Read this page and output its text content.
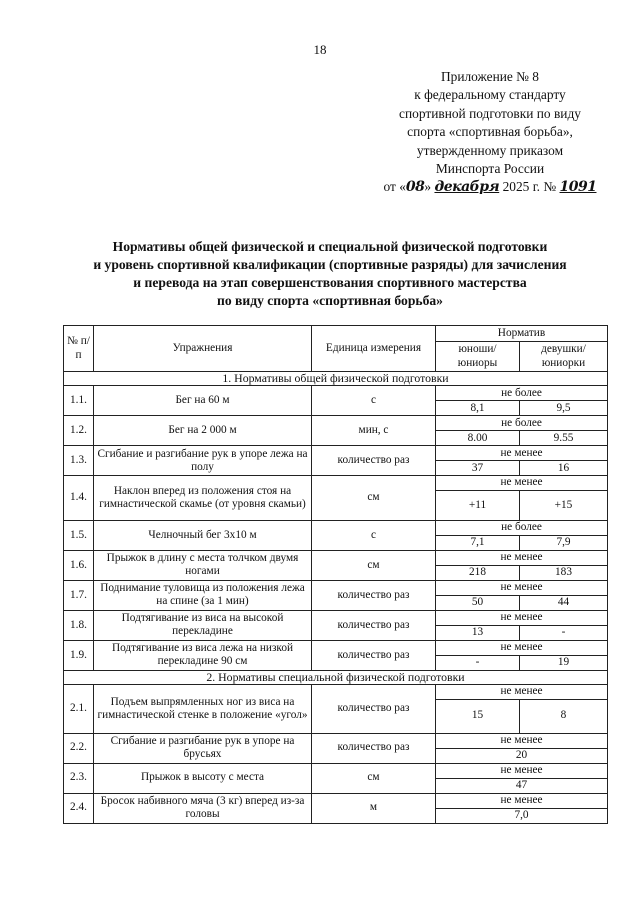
18
Приложение № 8
к федеральному стандарту
спортивной подготовки по виду
спорта «спортивная борьба»,
утвержденному приказом
Минспорта России
от «08» декабря 2025 г. № 1091
Нормативы общей физической и специальной физической подготовки
и уровень спортивной квалификации (спортивные разряды) для зачисления
и перевода на этап совершенствования спортивного мастерства
по виду спорта «спортивная борьба»
№ п/п	Упражнения	Единица измерения	Норматив	
			юноши/ юниоры	девушки/ юниорки
1. Нормативы общей физической подготовки				
1.1.	Бег на 60 м	с	не более	
			8,1	9,5
1.2.	Бег на 2 000 м	мин, с	не более	
			8.00	9.55
1.3.	Сгибание и разгибание рук в упоре лежа на полу	количество раз	не менее	
			37	16
1.4.	Наклон вперед из положения стоя на гимнастической скамье (от уровня скамьи)	см	не менее	
			+11	+15
1.5.	Челночный бег 3х10 м	с	не более	
			7,1	7,9
1.6.	Прыжок в длину с места толчком двумя ногами	см	не менее	
			218	183
1.7.	Поднимание туловища из положения лежа на спине (за 1 мин)	количество раз	не менее	
			50	44
1.8.	Подтягивание из виса на высокой перекладине	количество раз	не менее	
			13	-
1.9.	Подтягивание из виса лежа на низкой перекладине 90 см	количество раз	не менее	
			-	19
2. Нормативы специальной физической подготовки				
2.1.	Подъем выпрямленных ног из виса на гимнастической стенке в положение «угол»	количество раз	не менее	
			15	8
2.2.	Сгибание и разгибание рук в упоре на брусьях	количество раз	не менее	
			20	
2.3.	Прыжок в высоту с места	см	не менее	
			47	
2.4.	Бросок набивного мяча (3 кг) вперед из-за головы	м	не менее	
			7,0	
